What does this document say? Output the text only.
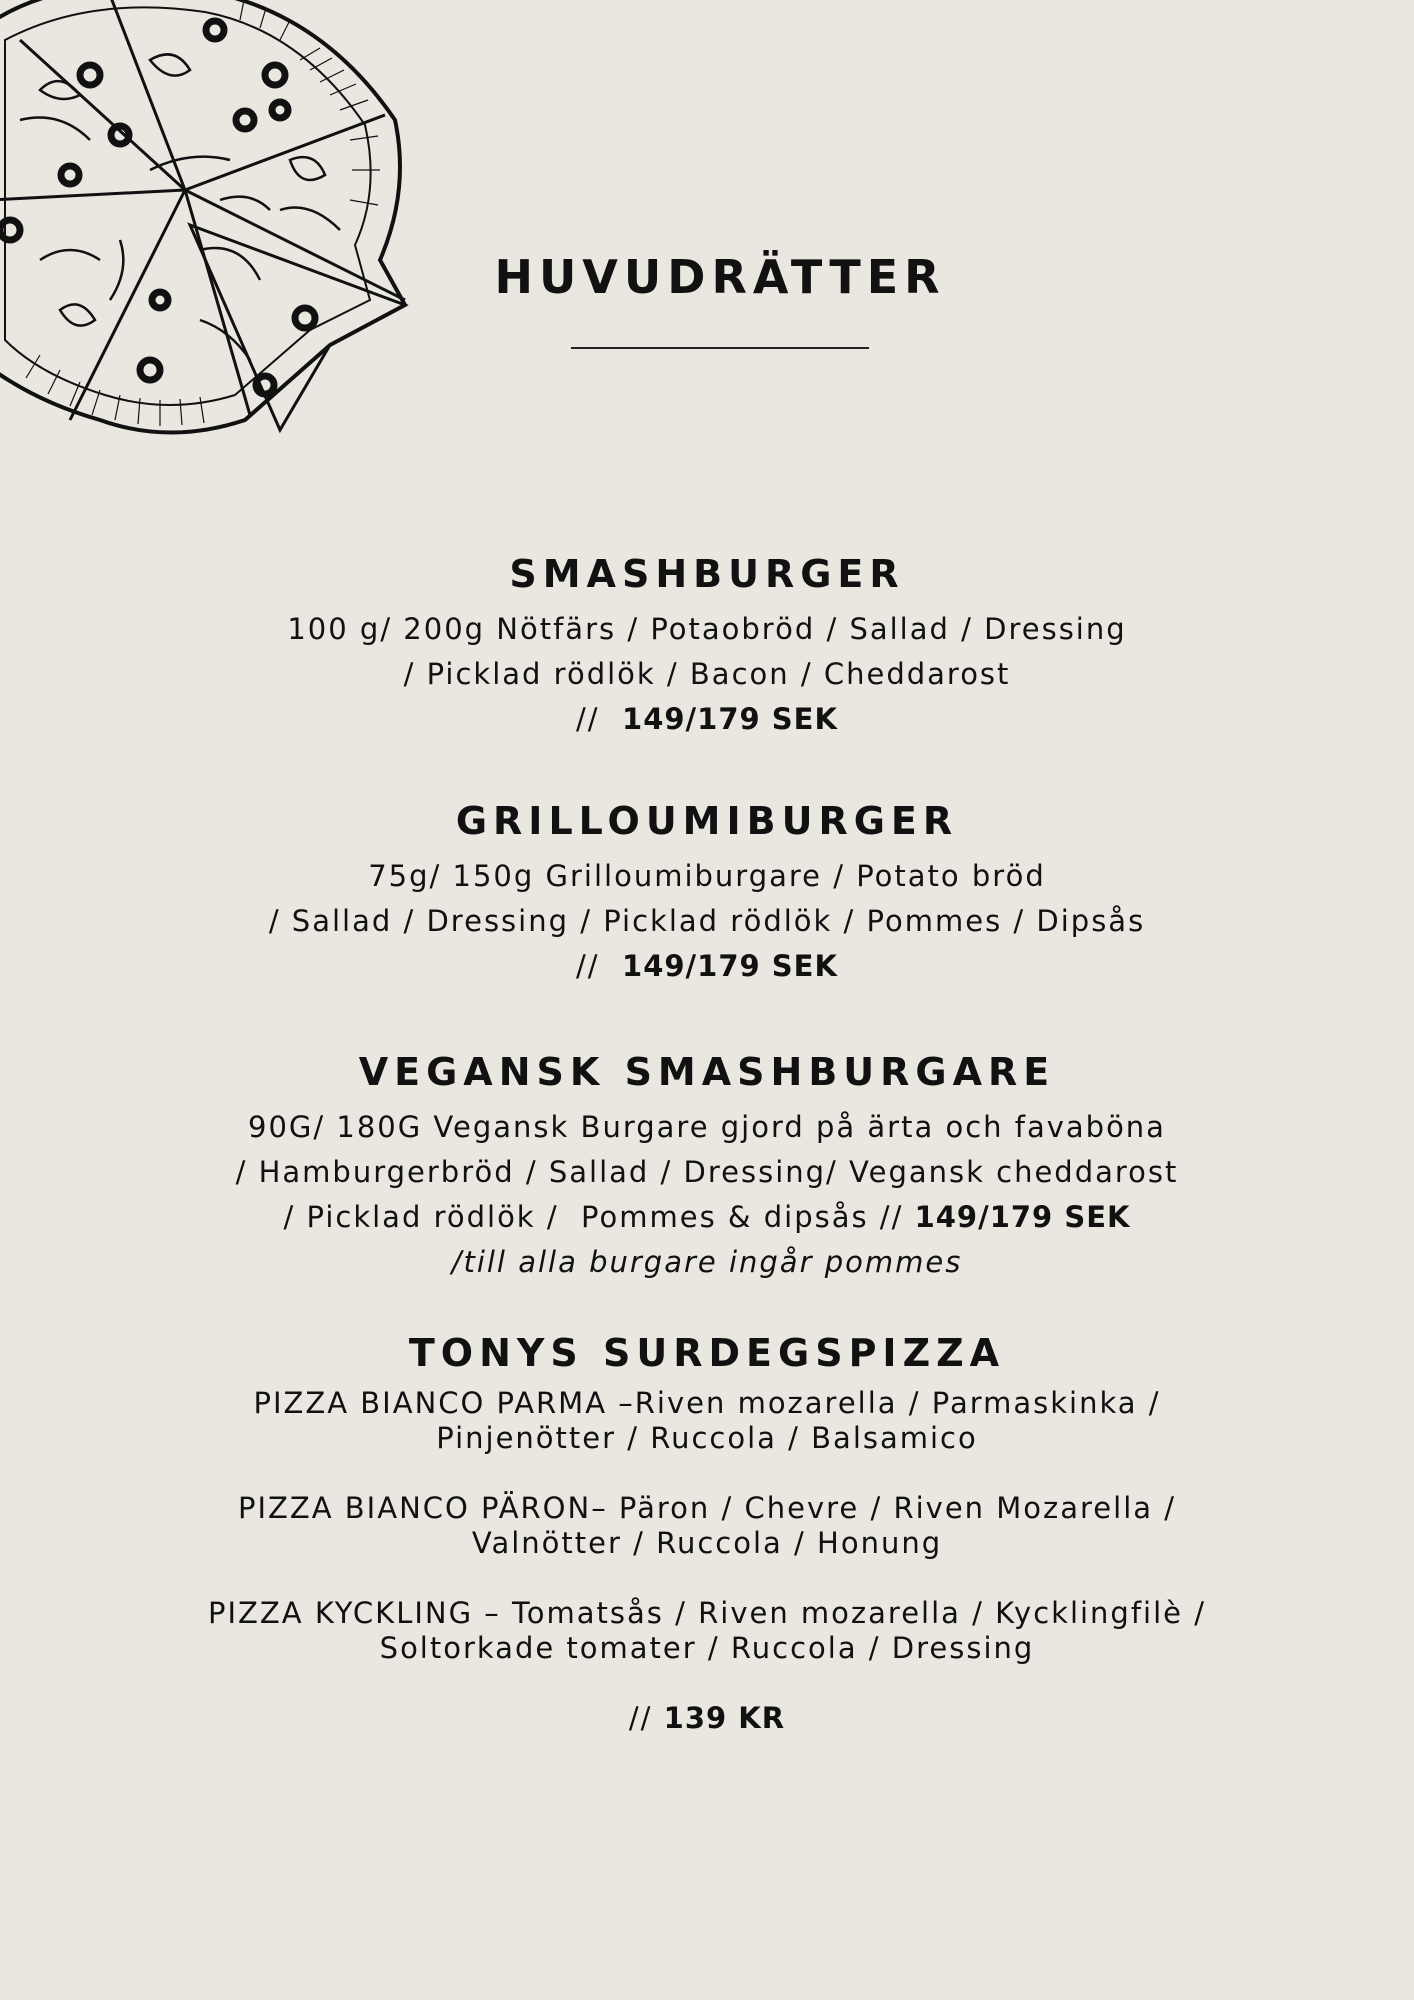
HUVUDRÄTTER
SMASHBURGER
100 g/ 200g Nötfärs / Potaobröd / Sallad / Dressing
/ Picklad rödlök / Bacon / Cheddarost
//  149/179 SEK
GRILLOUMIBURGER
75g/ 150g Grilloumiburgare / Potato bröd
/ Sallad / Dressing / Picklad rödlök / Pommes / Dipsås
//  149/179 SEK
VEGANSK SMASHBURGARE
90G/ 180G Vegansk Burgare gjord på ärta och favaböna
/ Hamburgerbröd / Sallad / Dressing/ Vegansk cheddarost
/ Picklad rödlök /  Pommes & dipsås // 149/179 SEK
/till alla burgare ingår pommes
TONYS SURDEGSPIZZA
PIZZA BIANCO PARMA –Riven mozarella / Parmaskinka /
Pinjenötter / Ruccola / Balsamico
PIZZA BIANCO PÄRON– Päron / Chevre / Riven Mozarella /
Valnötter / Ruccola / Honung
PIZZA KYCKLING – Tomatsås / Riven mozarella / Kycklingfilè /
Soltorkade tomater / Ruccola / Dressing
// 139 KR
